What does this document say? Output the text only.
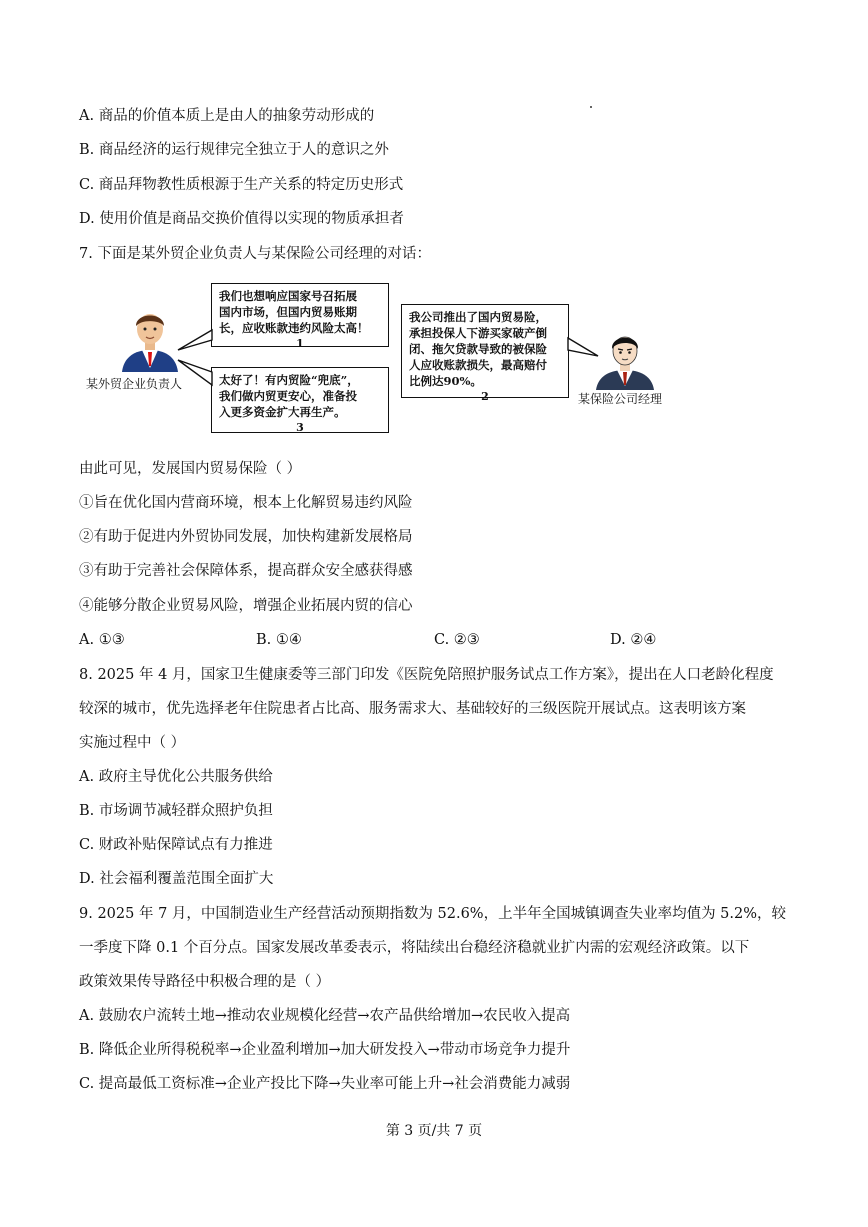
A. 商品的价值本质上是由人的抽象劳动形成的
B. 商品经济的运行规律完全独立于人的意识之外
C. 商品拜物教性质根源于生产关系的特定历史形式
D. 使用价值是商品交换价值得以实现的物质承担者
7. 下面是某外贸企业负责人与某保险公司经理的对话：
某外贸企业负责人
某保险公司经理
我们也想响应国家号召拓展
国内市场，但国内贸易账期
长，应收账款违约风险太高！
1
太好了！有内贸险“兜底”，
我们做内贸更安心，准备投
入更多资金扩大再生产。
3
我公司推出了国内贸易险，
承担投保人下游买家破产倒
闭、拖欠贷款导致的被保险
人应收账款损失，最高赔付
比例达90%。
2
由此可见，发展国内贸易保险（ ）
①旨在优化国内营商环境，根本上化解贸易违约风险
②有助于促进内外贸协同发展，加快构建新发展格局
③有助于完善社会保障体系，提高群众安全感获得感
④能够分散企业贸易风险，增强企业拓展内贸的信心
A. ①③	B. ①④	C. ②③	D. ②④
8. 2025 年 4 月，国家卫生健康委等三部门印发《医院免陪照护服务试点工作方案》，提出在人口老龄化程度
较深的城市，优先选择老年住院患者占比高、服务需求大、基础较好的三级医院开展试点。这表明该方案
实施过程中（ ）
A. 政府主导优化公共服务供给
B. 市场调节减轻群众照护负担
C. 财政补贴保障试点有力推进
D. 社会福利覆盖范围全面扩大
9. 2025 年 7 月，中国制造业生产经营活动预期指数为 52.6%，上半年全国城镇调查失业率均值为 5.2%，较
一季度下降 0.1 个百分点。国家发展改革委表示，将陆续出台稳经济稳就业扩内需的宏观经济政策。以下
政策效果传导路径中积极合理的是（ ）
A. 鼓励农户流转土地→推动农业规模化经营→农产品供给增加→农民收入提高
B. 降低企业所得税税率→企业盈利增加→加大研发投入→带动市场竞争力提升
C. 提高最低工资标准→企业产投比下降→失业率可能上升→社会消费能力减弱
第 3 页/共 7 页
